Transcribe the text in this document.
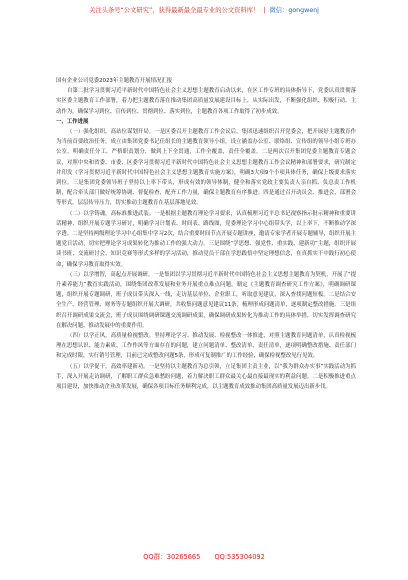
关注头条号“公文研究”，获得最新最全最专业的公文资料库！ | 微信：gongwenj

国有企业公司党委2023年主题教育开展情况汇报

自第二批学习贯彻习近平新时代中国特色社会主义思想主题教育启动以来，在区工作专班的具体指导下，党委认真贯彻落实区委主题教育工作部署，着力把主题教育落在推动集团高质量发展建设目标上，从实际出发，不断强化组织、积极行动，主动作为，确保学习到位、宣传到位、贯彻到位、落实到位，主题教育各项工作取得了初步成效。

一、工作进展

（一）强化组织，高站位谋划开局。一是区委召开主题教育工作会议后，集团迅速组织召开党委会，把开展好主题教育作为当前首要政治任务，成立由集团党委书记任组长的主题教育领导小组，设立涵盖办公室、联络组、宣传组的领导小组专班办公室，明确责任分工，严格职责划分，做到上下全贯通，工作全覆盖，责任全覆盖。二是两次召开集团党委主题教育专题会议，对照中央和省委、市委、区委学习贯彻习近平新时代中国特色社会主义思想主题教育工作会议精神和部署要求，研究制定并印发《学习贯彻习近平新时代中国特色社会主义思想主题教育实施方案》，明确3大项9个小项具体任务，确保上级要求落实到位。三是集团党委领导班子坚持以上率下带头，形成有效的领导体制，健全和落实党政主要负责人亲自抓、负总责工作机制，配合牵头部门做好统筹协调、督促检查，配齐工作力量，确保主题教育有序推进。四是通过召开动员会、推进会、部署会等形式，层层传导压力，切实推动主题教育在基层落地见效。

（二）以学铸魂，高标准推进武装。一是根据主题教育理论学习要求，认真梳理习近平总书记视察指示批示精神和重要讲话精神，组织开展专题学习研讨，明确学习计划表、时间表、路线图，党委理论学习中心组带头学，以上率下，不断推动学深学透。二是坚持两级理论学习中心组集中学习2次，结合重要时间节点开展专题讲座，邀请专家学者开展专题辅导，组织开展主题党日活动，切实把理论学习成果转化为推动工作的强大动力。三是围绕“学思想、强党性、重实践、建新功”主题，组织开展读书班、交流研讨会、知识竞赛等形式多样的学习活动，推动党员干部在学思践悟中坚定理想信念，在真抓实干中践行初心使命，确保学习教育取得实效。

（三）以学增智，高起点开展调研。一是集团以学习贯彻习近平新时代中国特色社会主义思想主题教育为契机，开展了“提升素养能力”教育实践活动，围绕集团改革发展和业务开展重点难点问题，制定《主题教育调查研究工作方案》，明确调研课题，组织开展专题调研，班子成员带头深入一线，走访基层单位、企业职工，听取意见建议，深入查找问题短板。二是结合安全生产、经营管理、财务等专题组织开展大调研，共收集问题意见建议11条，梳理形成问题清单，逐项制定整改措施。三是组织召开调研成果交流会，班子成员围绕调研课题交流调研成果，确保调研成果转化为推动工作的具体举措，切实发挥调查研究在解决问题、推动发展中的重要作用。

（四）以学正风，高质量检视整改。坚持理论学习、推动发展、检视整改一体推进，对照主题教育问题清单，认真检视梳理在思想认识、能力素质、工作作风等方面存在的问题，建立问题清单、整改清单、责任清单，逐项明确整改措施、责任部门和完成时限，实行销号管理，目前已完成整改问题5条，形成可复制推广的工作经验，确保检视整改见行见效。

（五）以学促干，高效率建新功。一是坚持以主题教育为总引领，立足集团主责主业，以“我为群众办实事”实践活动为抓手，深入开展走访调研，了解职工群众急难愁盼问题，着力解决职工群众最关心最直接最现实的利益问题。二是积极推进重点项目建设，加快推动企业改革发展，确保各项目标任务顺利完成，以主题教育成效推动集团高质量发展迈出新步伐。

QQ群：30265665 QQ:535304092
